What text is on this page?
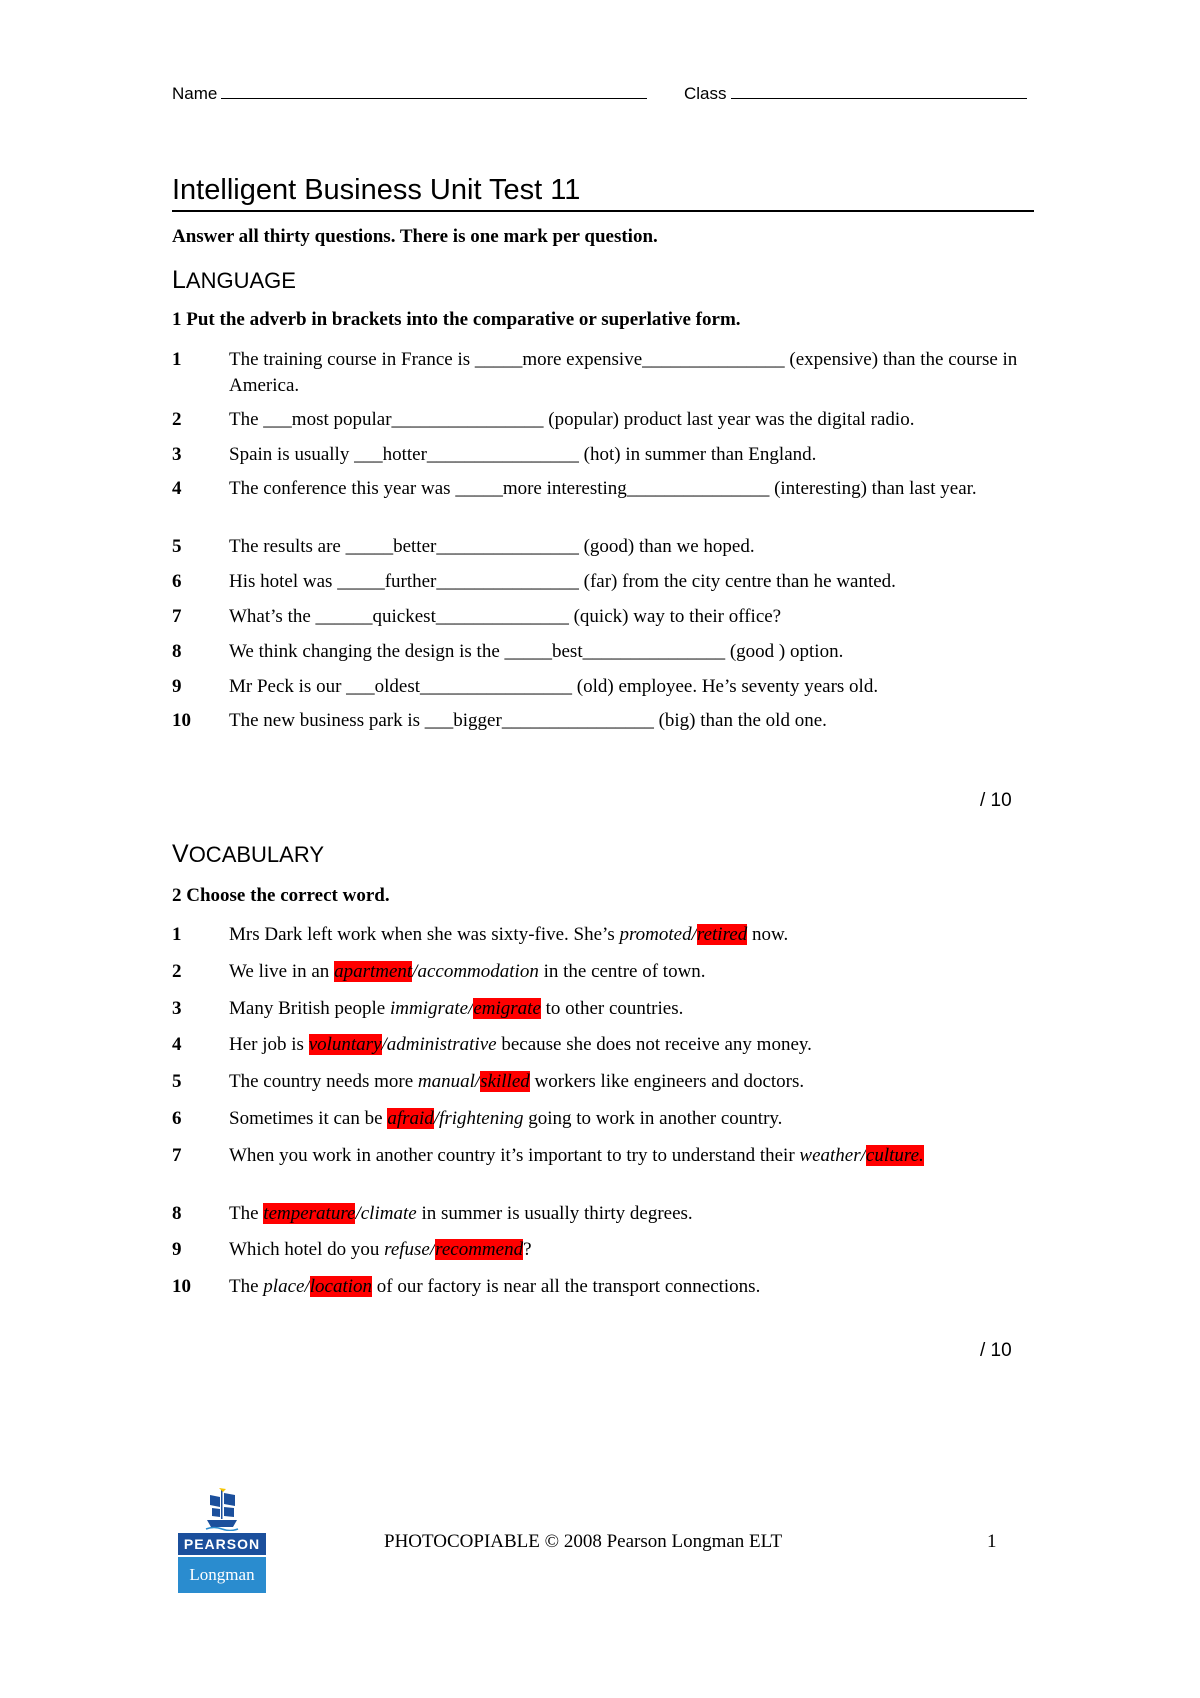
Name	Class
Intelligent Business Unit Test 11
Answer all thirty questions. There is one mark per question.
LANGUAGE
1 Put the adverb in brackets into the comparative or superlative form.
1	The training course in France is _____more expensive_______________ (expensive) than the course in America.
2	The ___most popular________________ (popular) product last year was the digital radio.
3	Spain is usually ___hotter________________ (hot) in summer than England.
4	The conference this year was _____more interesting_______________ (interesting) than last year.
5	The results are _____better_______________ (good) than we hoped.
6	His hotel was _____further_______________ (far) from the city centre than he wanted.
7	What’s the ______quickest______________ (quick) way to their office?
8	We think changing the design is the _____best_______________ (good ) option.
9	Mr Peck is our ___oldest________________ (old) employee. He’s seventy years old.
10 The new business park is ___bigger________________ (big) than the old one.
/ 10
VOCABULARY
2 Choose the correct word.
1	Mrs Dark left work when she was sixty-five. She’s promoted/retired now.
2	We live in an apartment/accommodation in the centre of town.
3	Many British people immigrate/emigrate to other countries.
4	Her job is voluntary/administrative because she does not receive any money.
5	The country needs more manual/skilled workers like engineers and doctors.
6	Sometimes it can be afraid/frightening going to work in another country.
7	When you work in another country it’s important to try to understand their weather/culture.
8	The temperature/climate in summer is usually thirty degrees.
9	Which hotel do you refuse/recommend?
10 The place/location of our factory is near all the transport connections.
/ 10
PEARSON
Longman
PHOTOCOPIABLE © 2008 Pearson Longman ELT	1
